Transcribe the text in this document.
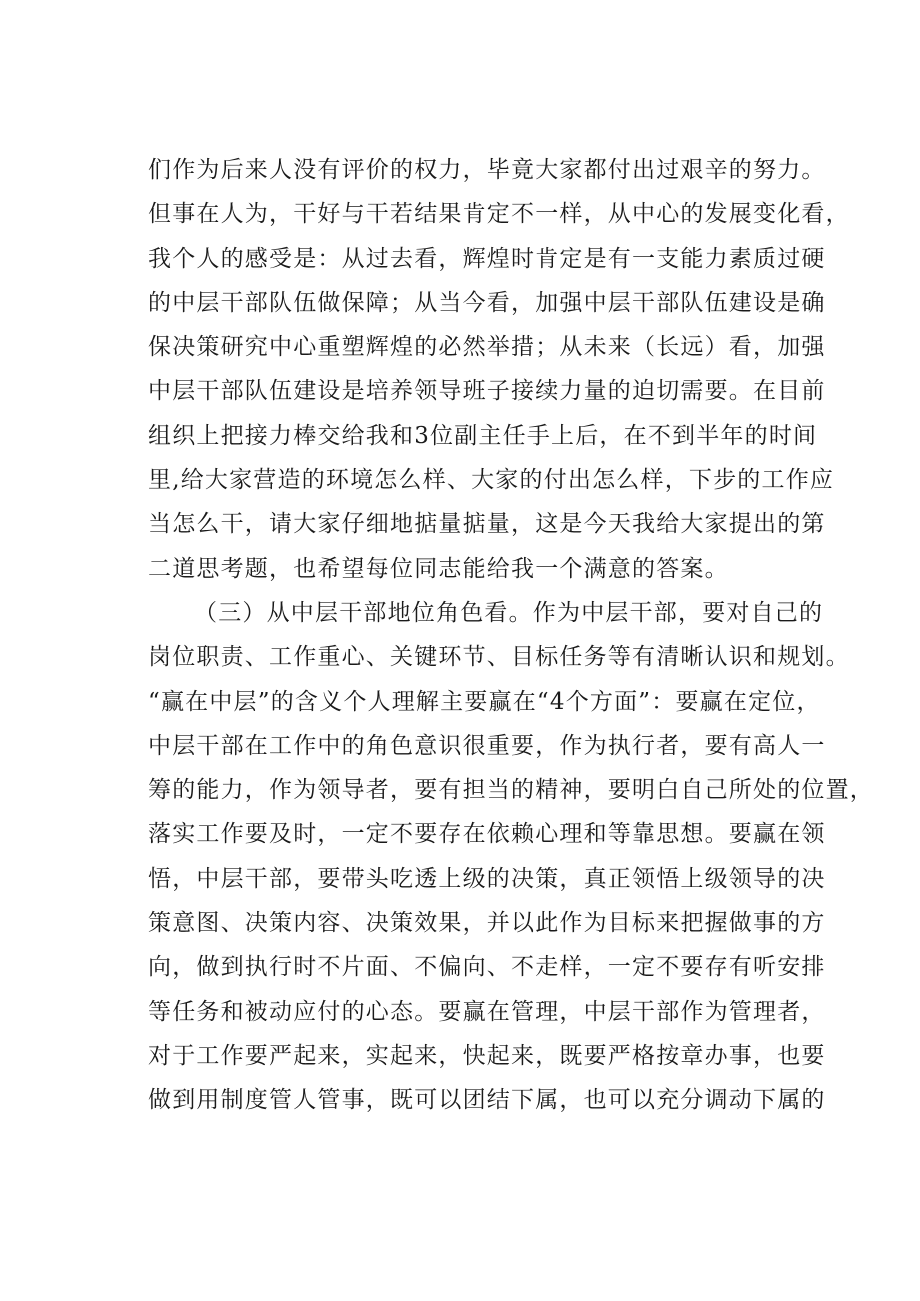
们作为后来人没有评价的权力，毕竟大家都付出过艰辛的努力。
但事在人为，干好与干若结果肯定不一样，从中心的发展变化看，
我个人的感受是：从过去看，辉煌时肯定是有一支能力素质过硬
的中层干部队伍做保障；从当今看，加强中层干部队伍建设是确
保决策研究中心重塑辉煌的必然举措；从未来（长远）看，加强
中层干部队伍建设是培养领导班子接续力量的迫切需要。在目前
组织上把接力棒交给我和3位副主任手上后，在不到半年的时间
里,给大家营造的环境怎么样、大家的付出怎么样，下步的工作应
当怎么干，请大家仔细地掂量掂量，这是今天我给大家提出的第
二道思考题，也希望每位同志能给我一个满意的答案。
（三）从中层干部地位角色看。作为中层干部，要对自己的
岗位职责、工作重心、关键环节、目标任务等有清晰认识和规划。
“赢在中层”的含义个人理解主要赢在“4个方面”：要赢在定位，
中层干部在工作中的角色意识很重要，作为执行者，要有高人一
筹的能力，作为领导者，要有担当的精神，要明白自己所处的位置，
落实工作要及时，一定不要存在依赖心理和等靠思想。要赢在领
悟，中层干部，要带头吃透上级的决策，真正领悟上级领导的决
策意图、决策内容、决策效果，并以此作为目标来把握做事的方
向，做到执行时不片面、不偏向、不走样，一定不要存有听安排
等任务和被动应付的心态。要赢在管理，中层干部作为管理者，
对于工作要严起来，实起来，快起来，既要严格按章办事，也要
做到用制度管人管事，既可以团结下属，也可以充分调动下属的
